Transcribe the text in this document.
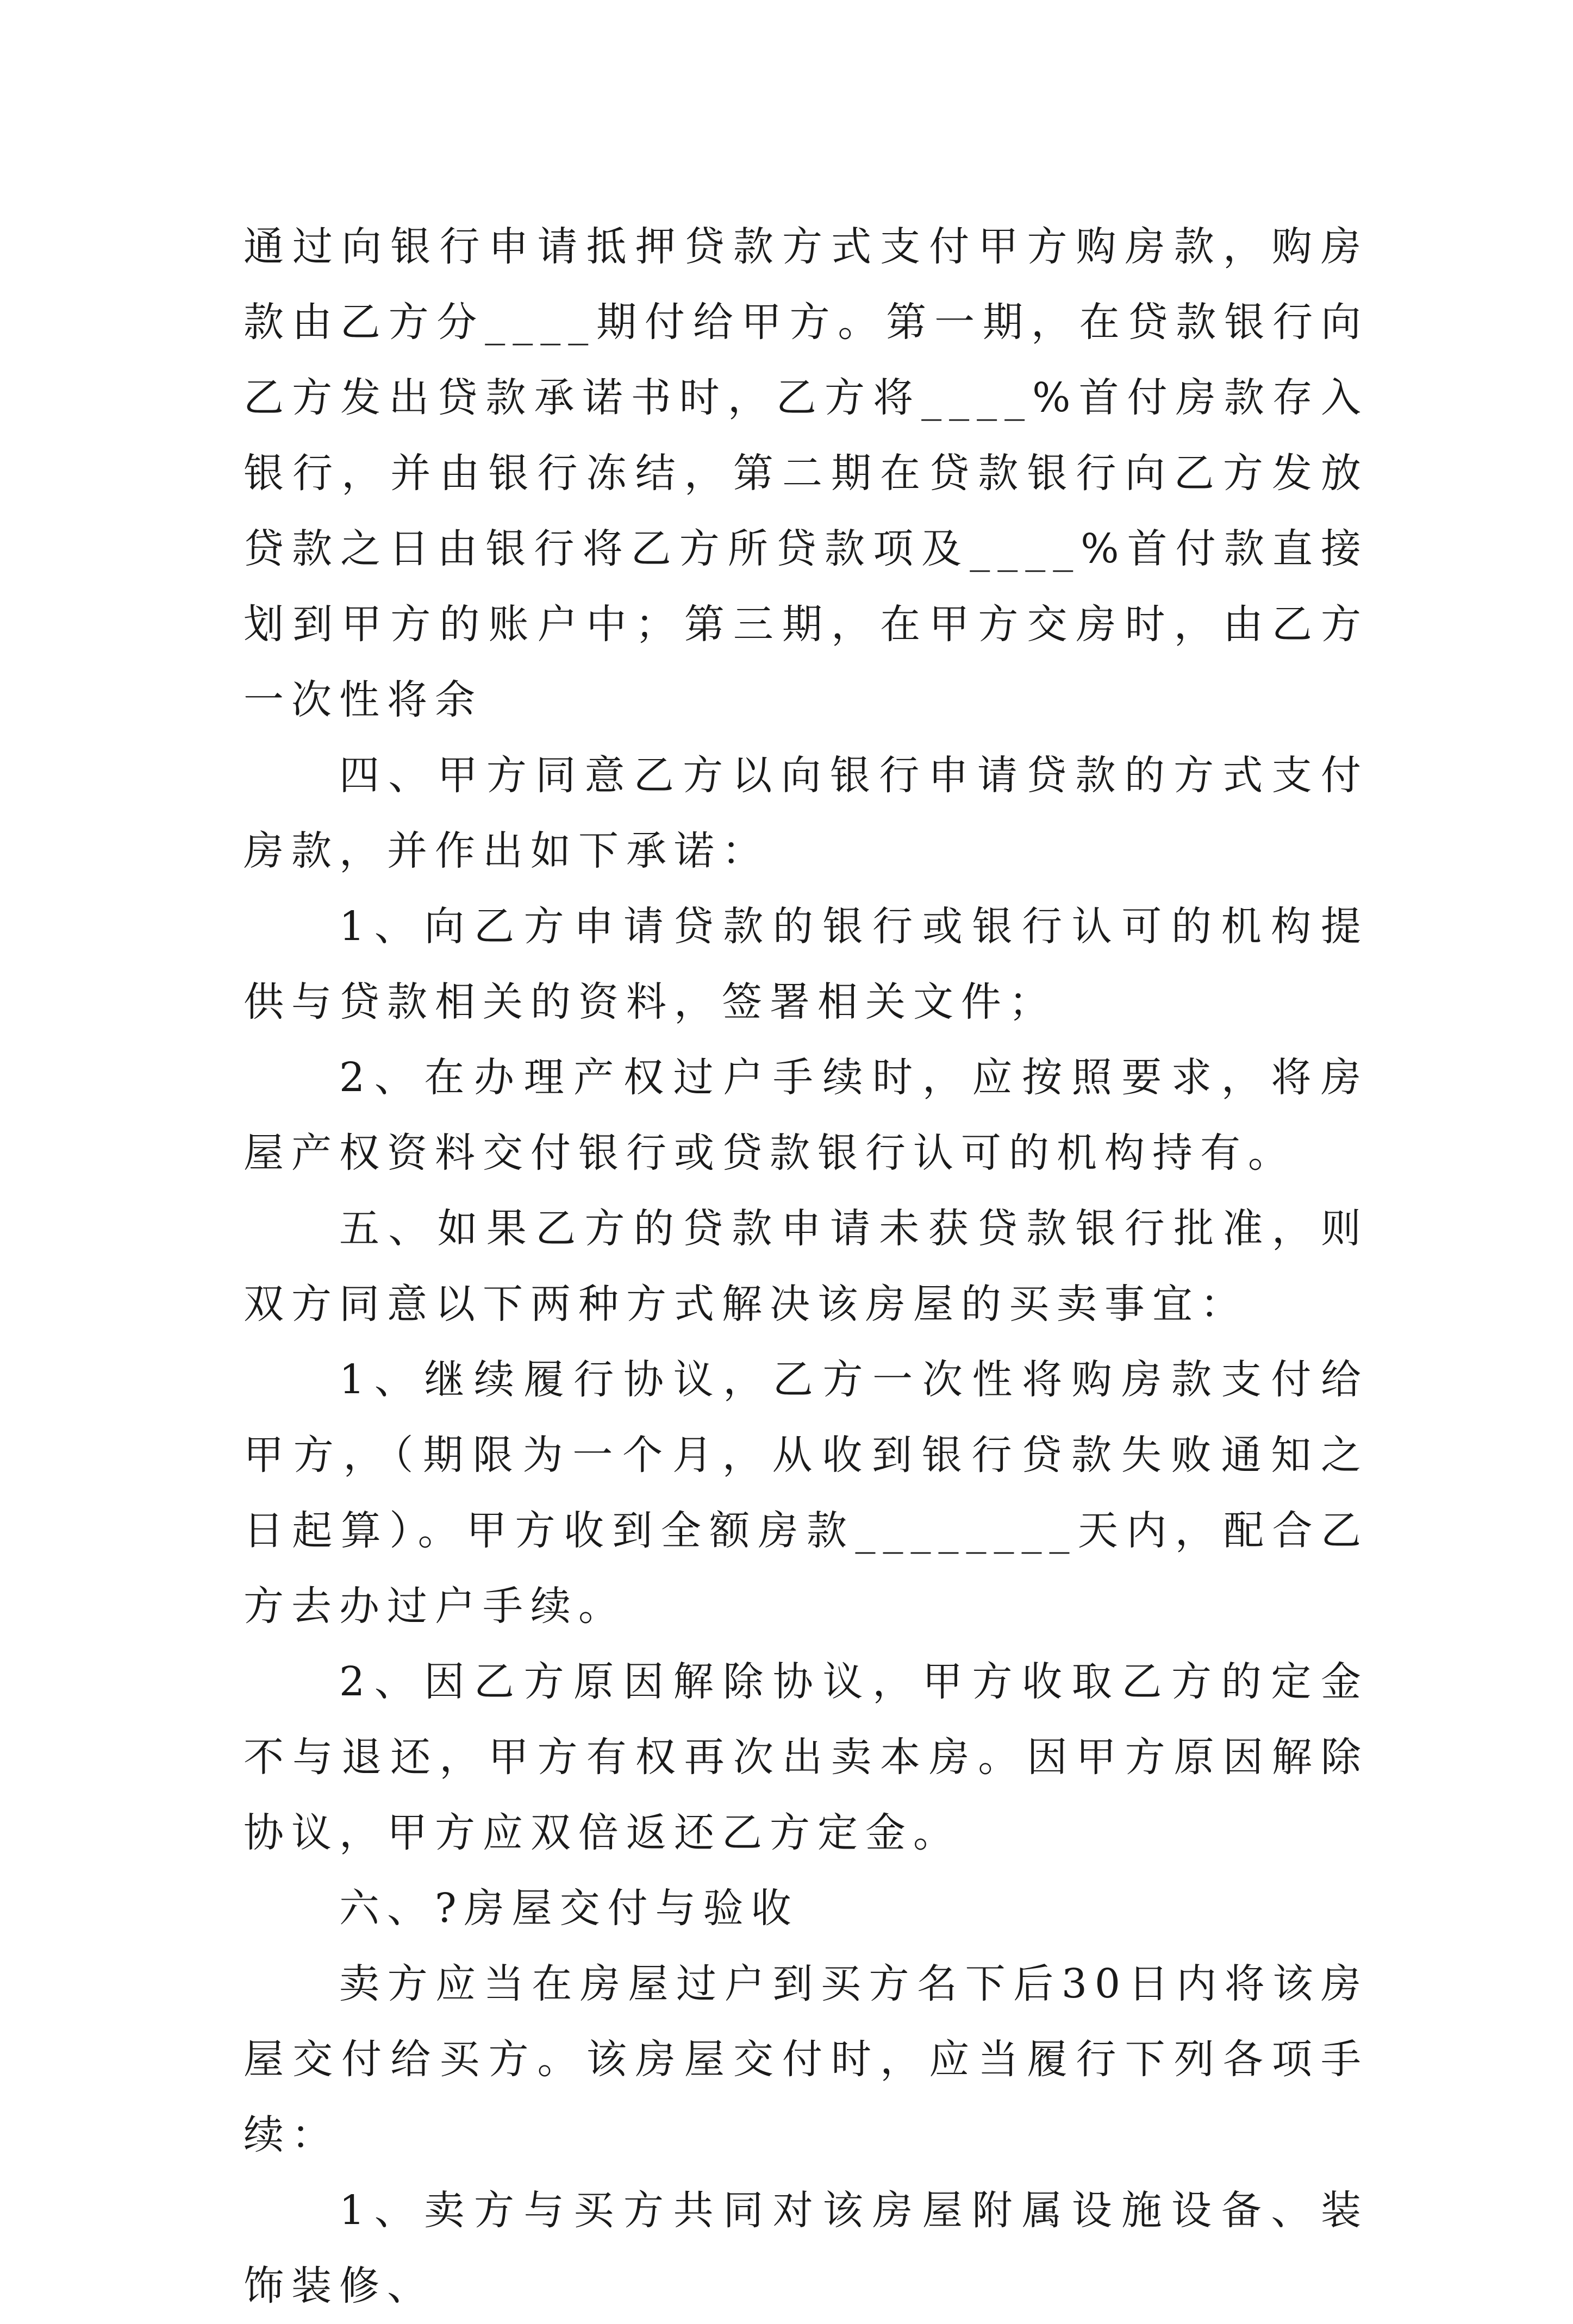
通过向银行申请抵押贷款方式支付甲方购房款，购房款由乙方分____期付给甲方。第一期，在贷款银行向乙方发出贷款承诺书时，乙方将____%首付房款存入银行，并由银行冻结，第二期在贷款银行向乙方发放贷款之日由银行将乙方所贷款项及____%首付款直接划到甲方的账户中；第三期，在甲方交房时，由乙方一次性将余

四、甲方同意乙方以向银行申请贷款的方式支付房款，并作出如下承诺：

1、向乙方申请贷款的银行或银行认可的机构提供与贷款相关的资料，签署相关文件；

2、在办理产权过户手续时，应按照要求，将房屋产权资料交付银行或贷款银行认可的机构持有。

五、如果乙方的贷款申请未获贷款银行批准，则双方同意以下两种方式解决该房屋的买卖事宜：

1、继续履行协议，乙方一次性将购房款支付给甲方，（期限为一个月，从收到银行贷款失败通知之日起算）。甲方收到全额房款________天内，配合乙方去办过户手续。

2、因乙方原因解除协议，甲方收取乙方的定金不与退还，甲方有权再次出卖本房。因甲方原因解除协议，甲方应双倍返还乙方定金。

六、?房屋交付与验收

卖方应当在房屋过户到买方名下后30日内将该房屋交付给买方。该房屋交付时，应当履行下列各项手续：

1、卖方与买方共同对该房屋附属设施设备、装饰装修、
